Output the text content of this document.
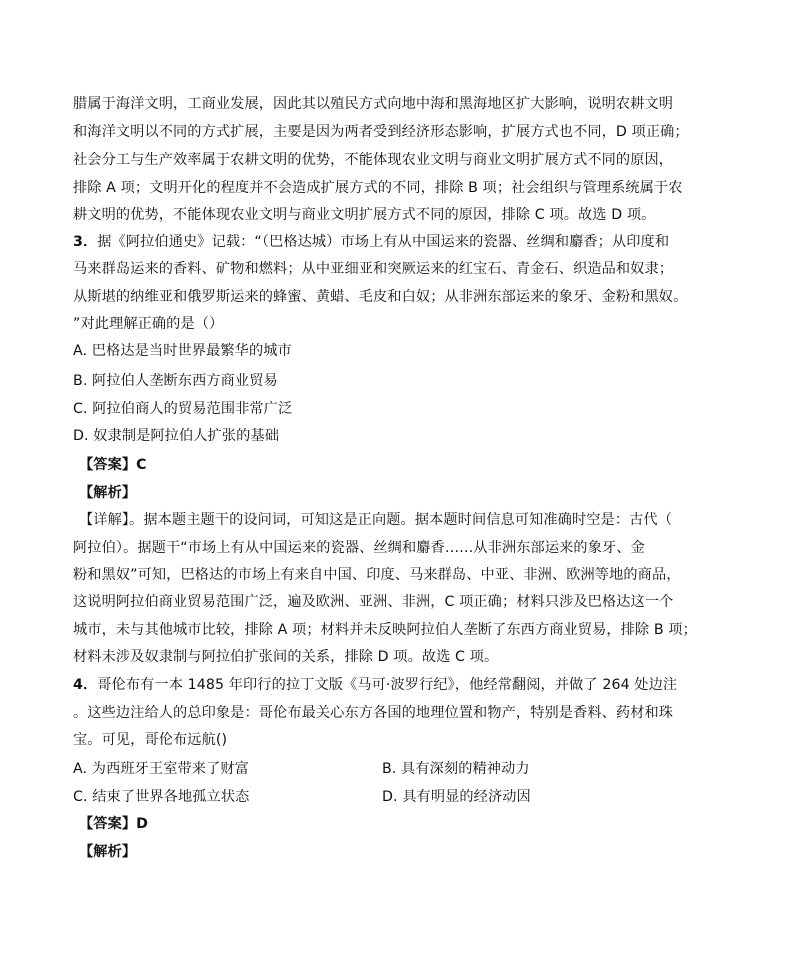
腊属于海洋文明，工商业发展，因此其以殖民方式向地中海和黑海地区扩大影响，说明农耕文明
和海洋文明以不同的方式扩展，主要是因为两者受到经济形态影响，扩展方式也不同，D 项正确；
社会分工与生产效率属于农耕文明的优势，不能体现农业文明与商业文明扩展方式不同的原因，
排除 A 项；文明开化的程度并不会造成扩展方式的不同，排除 B 项；社会组织与管理系统属于农
耕文明的优势，不能体现农业文明与商业文明扩展方式不同的原因，排除 C 项。故选 D 项。
3．据《阿拉伯通史》记载：“（巴格达城）市场上有从中国运来的瓷器、丝绸和麝香；从印度和
马来群岛运来的香料、矿物和燃料；从中亚细亚和突厥运来的红宝石、青金石、织造品和奴隶；
从斯堪的纳维亚和俄罗斯运来的蜂蜜、黄蜡、毛皮和白奴；从非洲东部运来的象牙、金粉和黑奴。
”对此理解正确的是（）
A. 巴格达是当时世界最繁华的城市
B. 阿拉伯人垄断东西方商业贸易
C. 阿拉伯商人的贸易范围非常广泛
D. 奴隶制是阿拉伯人扩张的基础
【答案】C
【解析】
【详解】。据本题主题干的设问词，可知这是正向题。据本题时间信息可知准确时空是：古代（
阿拉伯）。据题干“市场上有从中国运来的瓷器、丝绸和麝香……从非洲东部运来的象牙、金
粉和黑奴”可知，巴格达的市场上有来自中国、印度、马来群岛、中亚、非洲、欧洲等地的商品，
这说明阿拉伯商业贸易范围广泛，遍及欧洲、亚洲、非洲，C 项正确；材料只涉及巴格达这一个
城市，未与其他城市比较，排除 A 项；材料并未反映阿拉伯人垄断了东西方商业贸易，排除 B 项；
材料未涉及奴隶制与阿拉伯扩张间的关系，排除 D 项。故选 C 项。
4．哥伦布有一本 1485 年印行的拉丁文版《马可·波罗行纪》，他经常翻阅，并做了 264 处边注
。这些边注给人的总印象是：哥伦布最关心东方各国的地理位置和物产，特别是香料、药材和珠
宝。可见，哥伦布远航()
A. 为西班牙王室带来了财富	B. 具有深刻的精神动力
C. 结束了世界各地孤立状态	D. 具有明显的经济动因
【答案】D
【解析】
